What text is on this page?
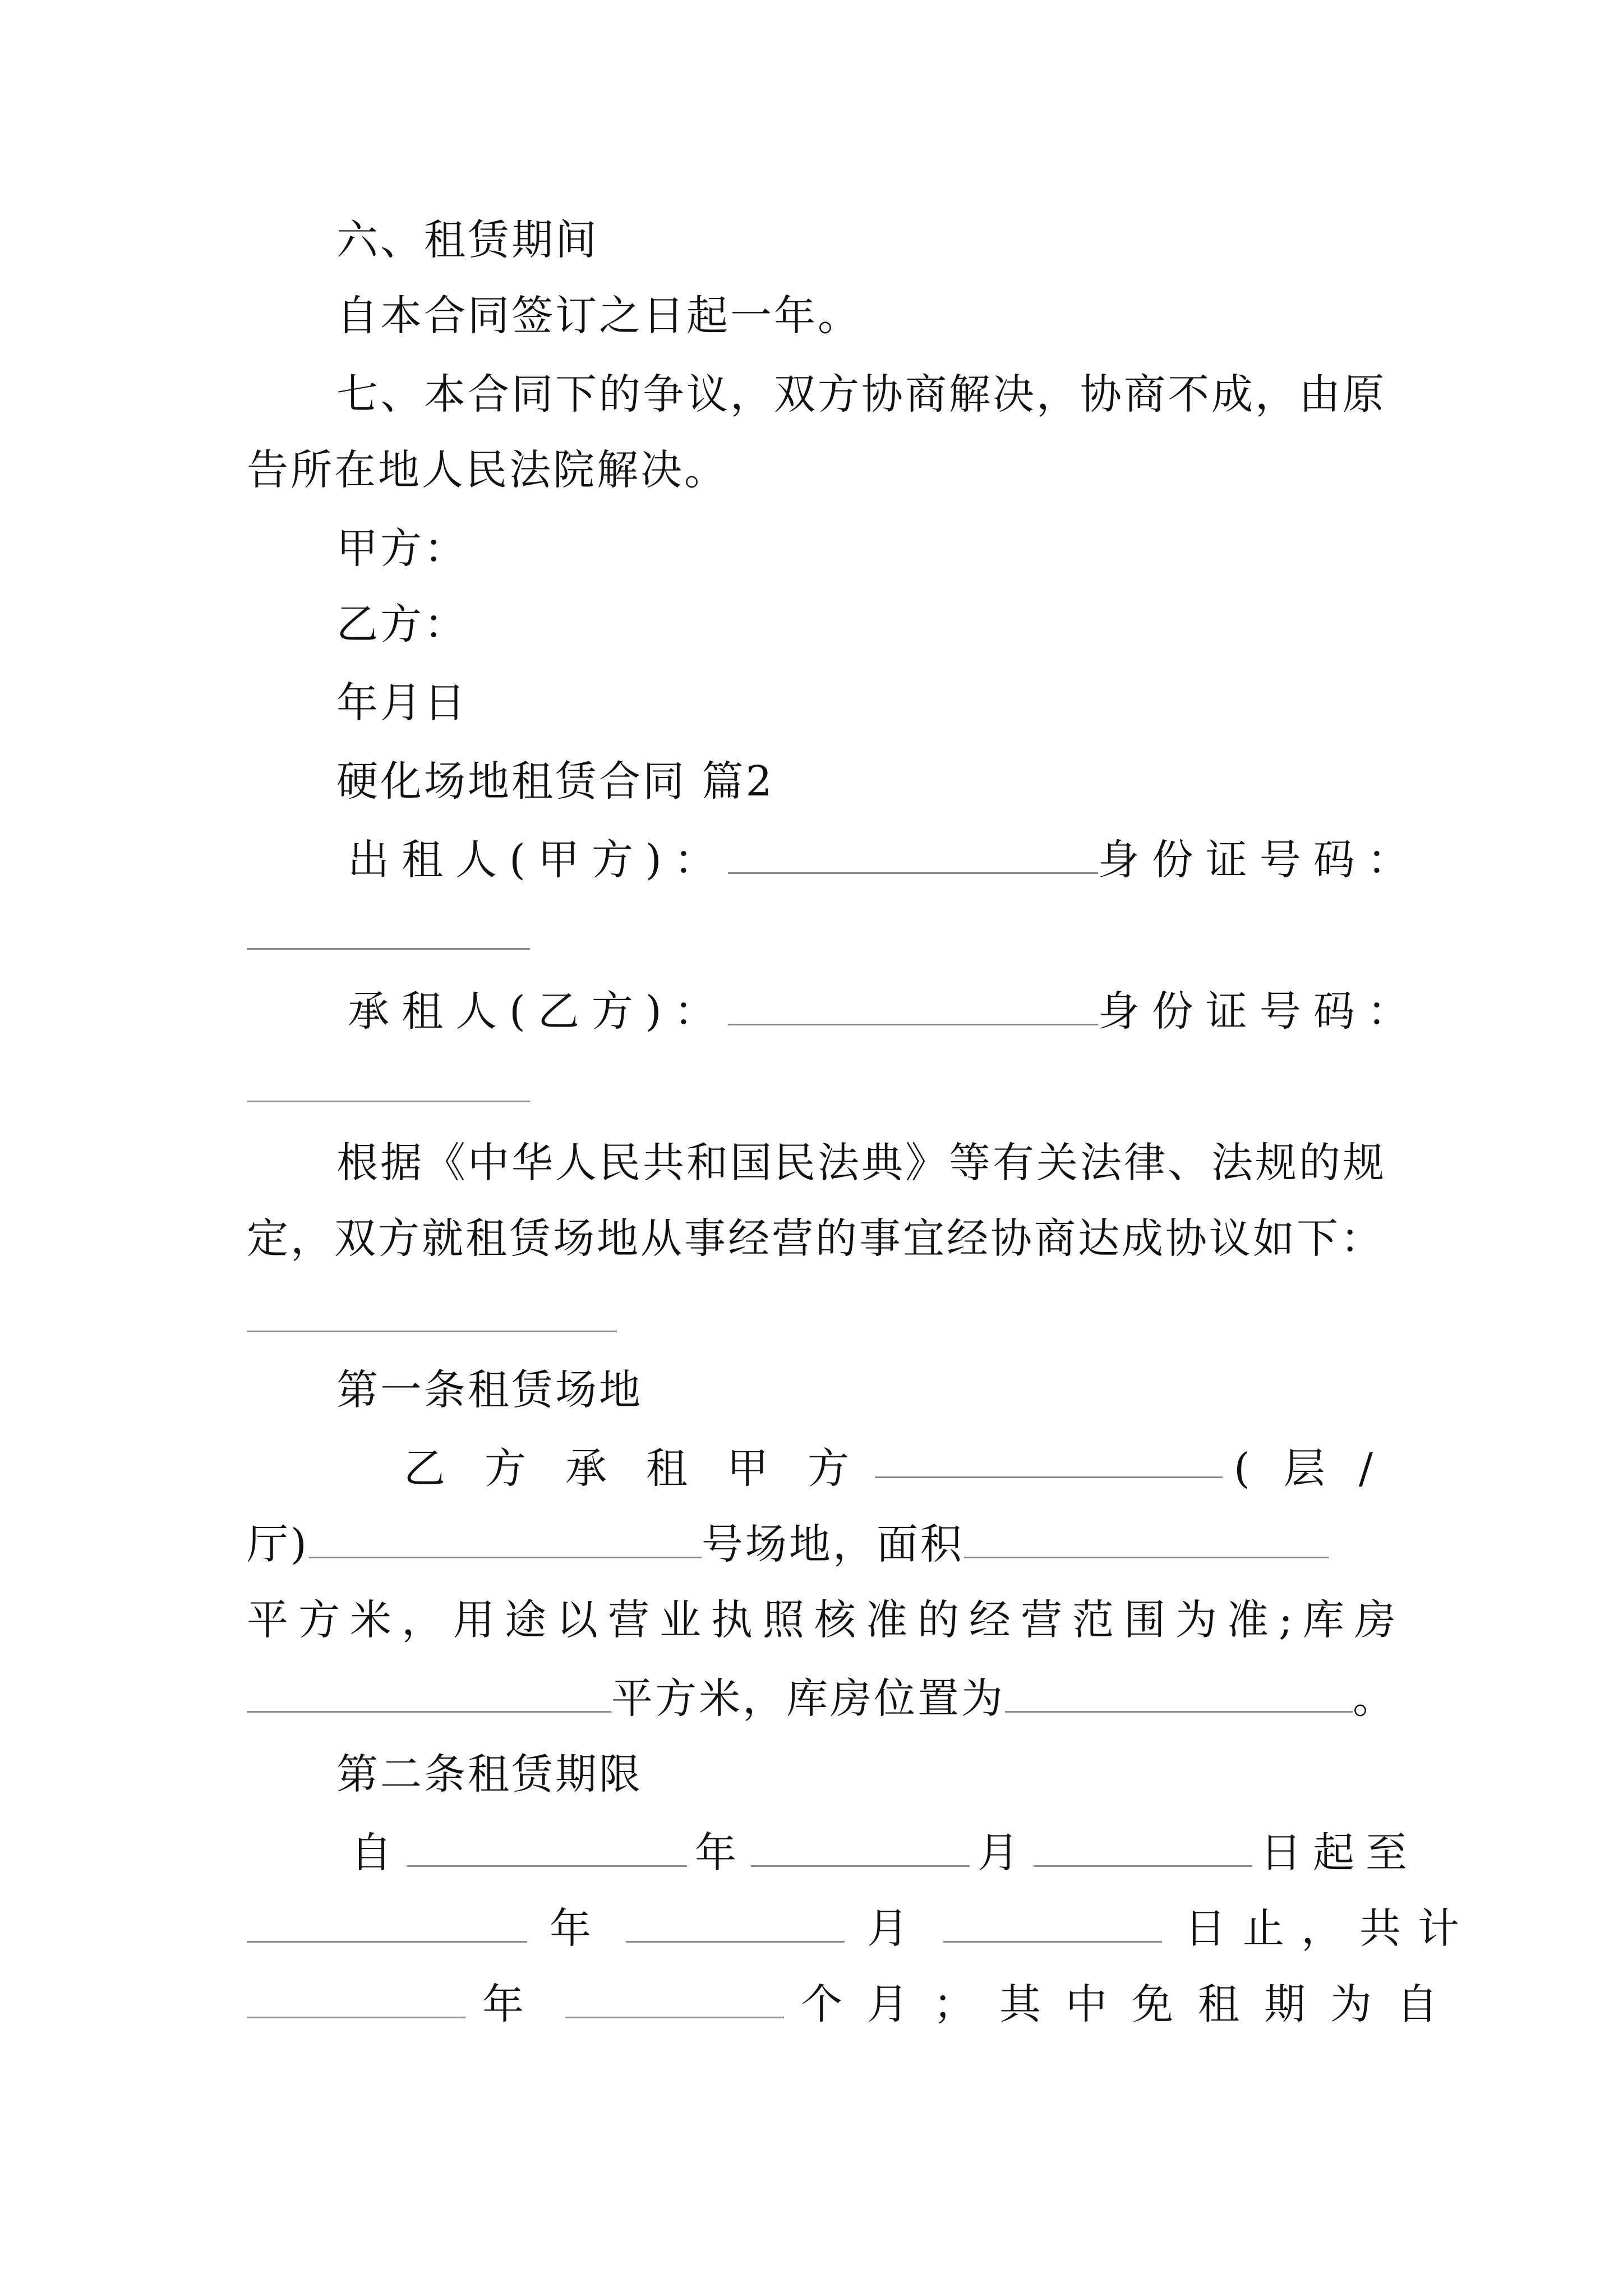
六、租赁期间
自本合同签订之日起一年。
七、本合同下的争议，双方协商解决，协商不成，由原
告所在地人民法院解决。
甲方：
乙方：
年月日
硬化场地租赁合同 篇2
出租人(甲方)：	身份证号码：
承租人(乙方)：	身份证号码：
根据《中华人民共和国民法典》等有关法律、法规的规
定，双方就租赁场地从事经营的事宜经协商达成协议如下：
第一条租赁场地
乙方承租甲方	(层/
厅)	号场地，面积
平方米，用途以营业执照核准的经营范围为准;库房
平方米，库房位置为	。
第二条租赁期限
自	年	月	日起至
年	月	日止，共计
年	个月；其中免租期为自
